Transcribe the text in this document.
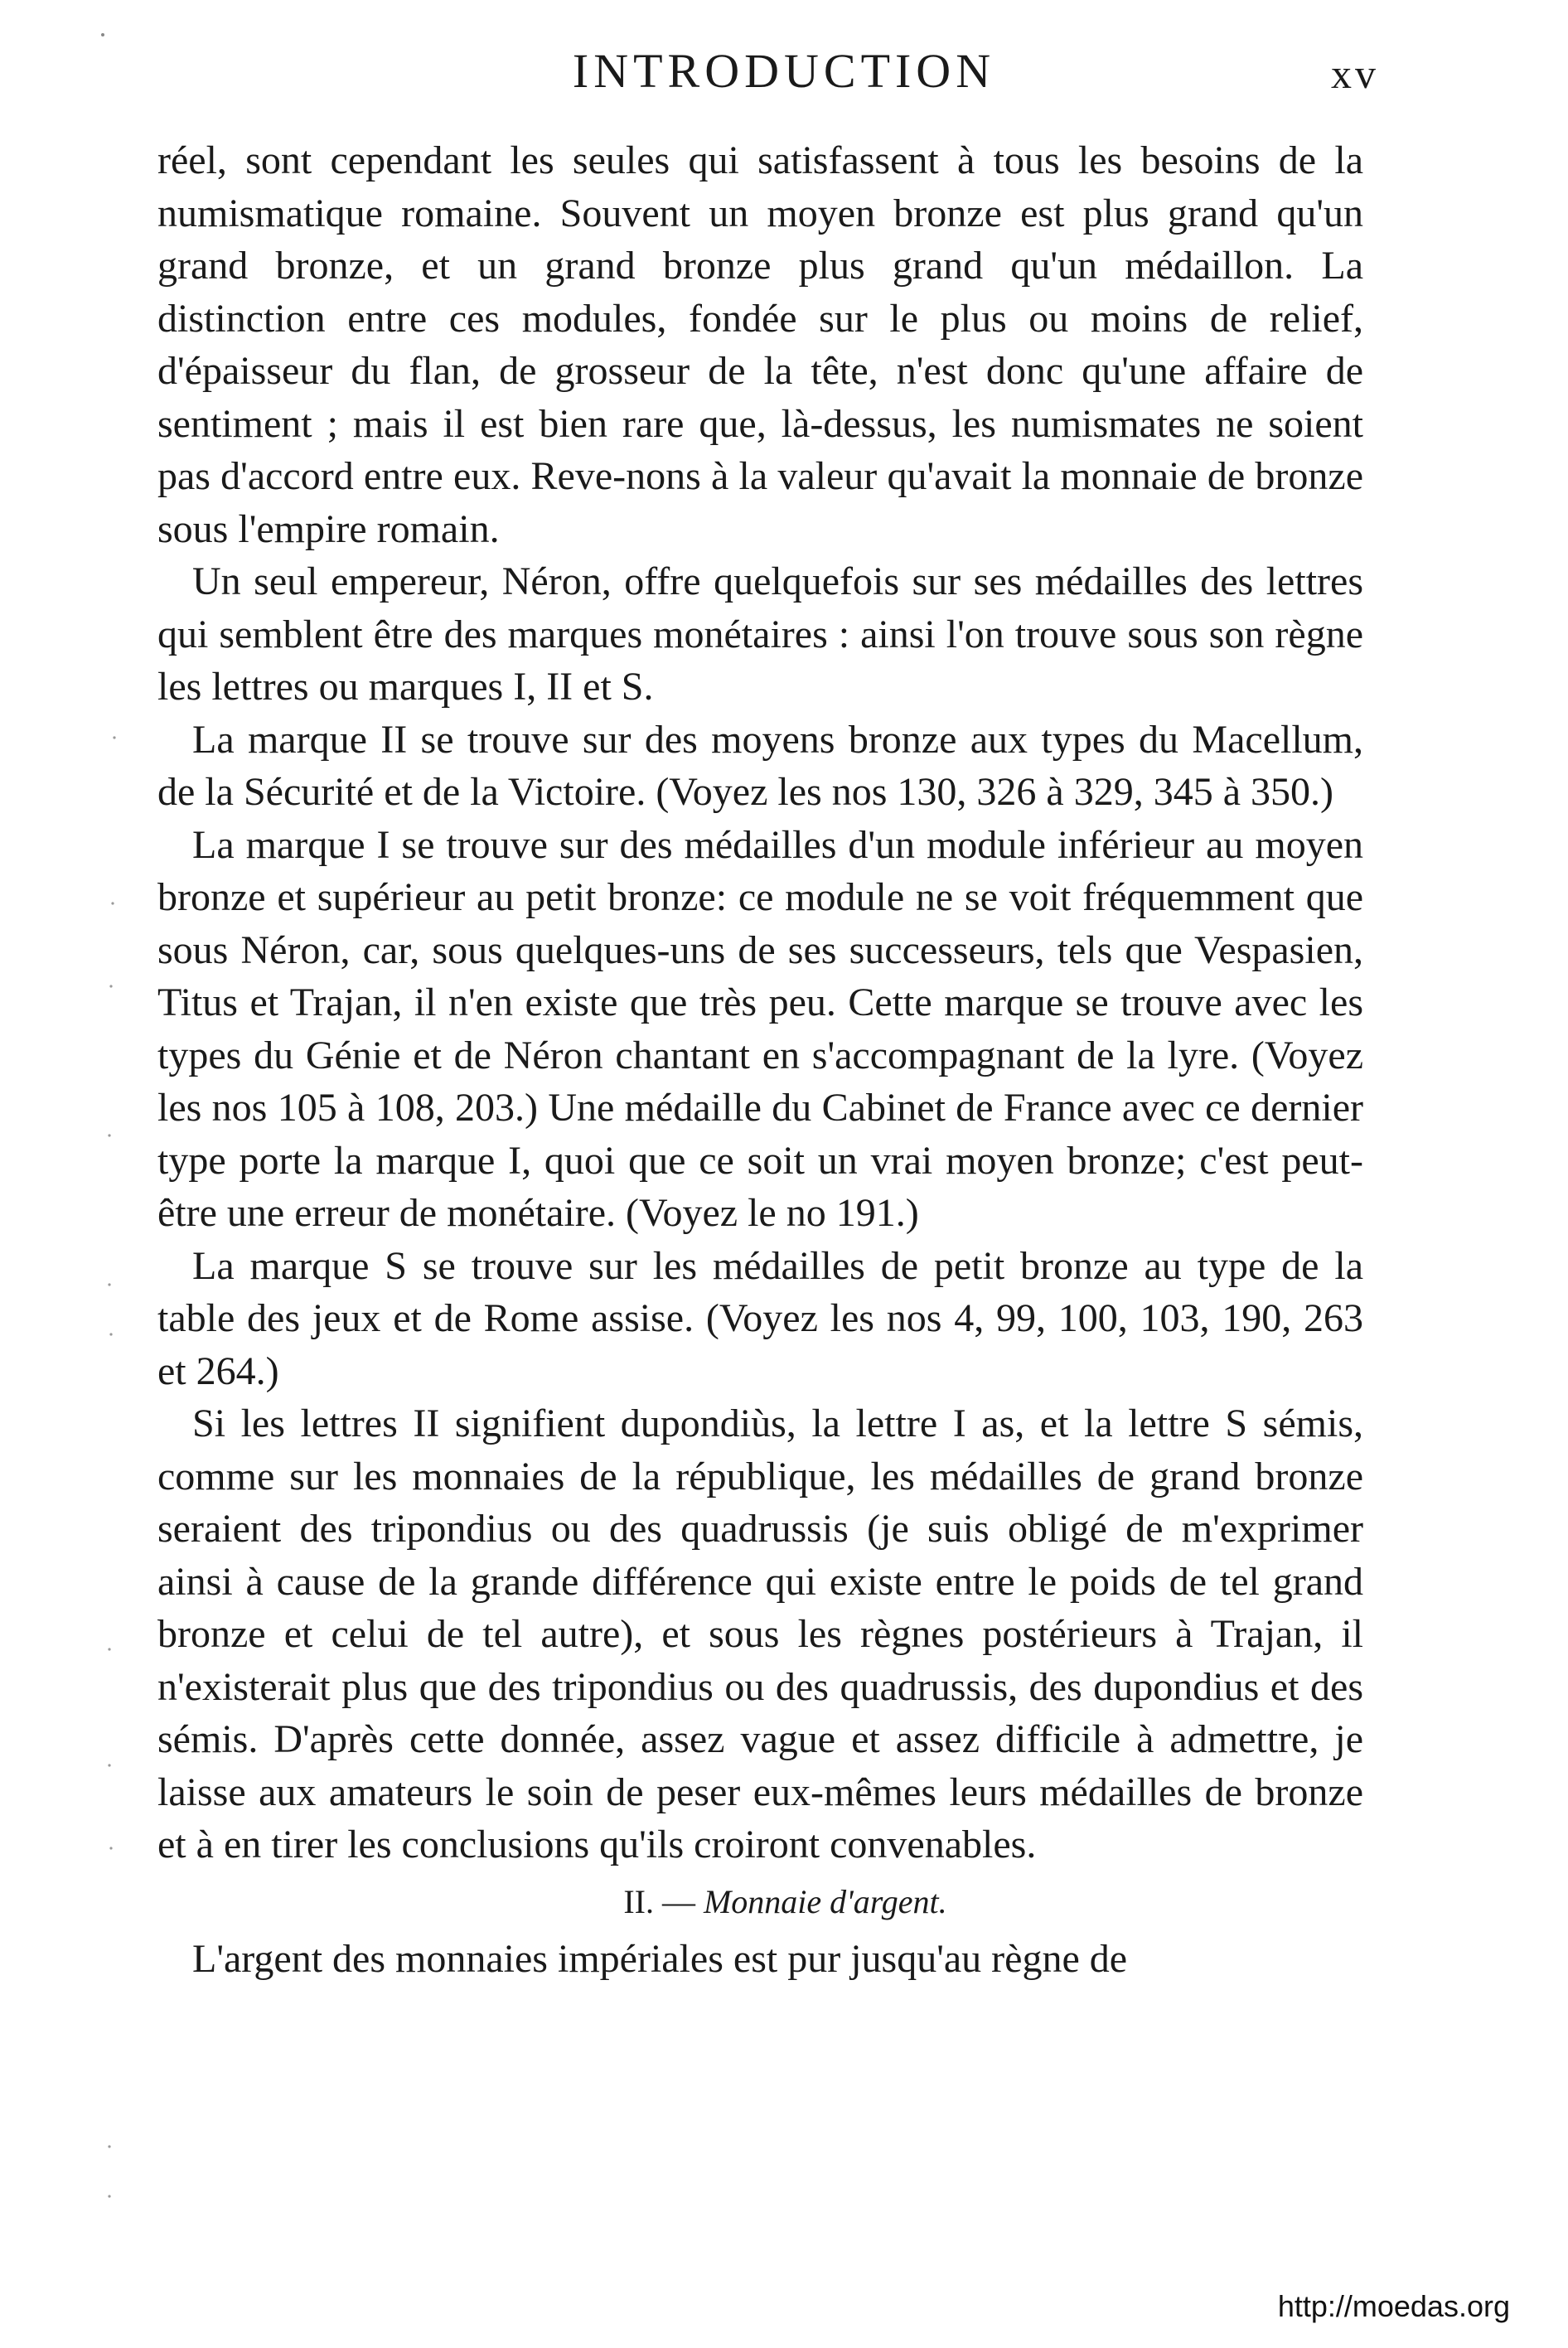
INTRODUCTION	xv

réel, sont cependant les seules qui satisfassent à tous les besoins de la numismatique romaine. Souvent un moyen bronze est plus grand qu'un grand bronze, et un grand bronze plus grand qu'un médaillon. La distinction entre ces modules, fondée sur le plus ou moins de relief, d'épaisseur du flan, de grosseur de la tête, n'est donc qu'une affaire de sentiment ; mais il est bien rare que, là-dessus, les numismates ne soient pas d'accord entre eux. Reve-nons à la valeur qu'avait la monnaie de bronze sous l'empire romain.

Un seul empereur, Néron, offre quelquefois sur ses médailles des lettres qui semblent être des marques monétaires : ainsi l'on trouve sous son règne les lettres ou marques I, II et S.

La marque II se trouve sur des moyens bronze aux types du Macellum, de la Sécurité et de la Victoire. (Voyez les nos 130, 326 à 329, 345 à 350.)

La marque I se trouve sur des médailles d'un module inférieur au moyen bronze et supérieur au petit bronze: ce module ne se voit fréquemment que sous Néron, car, sous quelques-uns de ses successeurs, tels que Vespasien, Titus et Trajan, il n'en existe que très peu. Cette marque se trouve avec les types du Génie et de Néron chantant en s'accompagnant de la lyre. (Voyez les nos 105 à 108, 203.) Une médaille du Cabinet de France avec ce dernier type porte la marque I, quoi que ce soit un vrai moyen bronze; c'est peut-être une erreur de monétaire. (Voyez le no 191.)

La marque S se trouve sur les médailles de petit bronze au type de la table des jeux et de Rome assise. (Voyez les nos 4, 99, 100, 103, 190, 263 et 264.)

Si les lettres II signifient dupondiùs, la lettre I as, et la lettre S sémis, comme sur les monnaies de la république, les médailles de grand bronze seraient des tripondius ou des quadrussis (je suis obligé de m'exprimer ainsi à cause de la grande différence qui existe entre le poids de tel grand bronze et celui de tel autre), et sous les règnes postérieurs à Trajan, il n'existerait plus que des tripondius ou des quadrussis, des dupondius et des sémis. D'après cette donnée, assez vague et assez difficile à admettre, je laisse aux amateurs le soin de peser eux-mêmes leurs médailles de bronze et à en tirer les conclusions qu'ils croiront convenables.

II. — Monnaie d'argent.

L'argent des monnaies impériales est pur jusqu'au règne de

http://moedas.org
